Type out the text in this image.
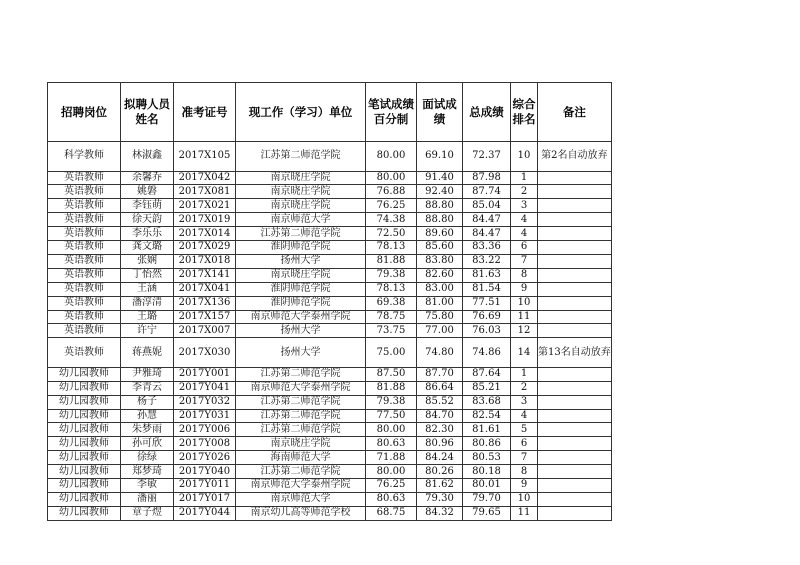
招聘岗位	拟聘人员姓名	准考证号	现工作（学习）单位	笔试成绩百分制	面试成绩	总成绩	综合排名	备注
科学教师	林淑鑫	2017X105	江苏第二师范学院	80.00	69.10	72.37	10	第2名自动放弃
英语教师	余馨乔	2017X042	南京晓庄学院	80.00	91.40	87.98	1	
英语教师	姚磐	2017X081	南京晓庄学院	76.88	92.40	87.74	2	
英语教师	李钰萌	2017X021	南京晓庄学院	76.25	88.80	85.04	3	
英语教师	徐天韵	2017X019	南京师范大学	74.38	88.80	84.47	4	
英语教师	李乐乐	2017X014	江苏第二师范学院	72.50	89.60	84.47	4	
英语教师	龚文璐	2017X029	淮阴师范学院	78.13	85.60	83.36	6	
英语教师	张娴	2017X018	扬州大学	81.88	83.80	83.22	7	
英语教师	丁怡然	2017X141	南京晓庄学院	79.38	82.60	81.63	8	
英语教师	王涵	2017X041	淮阴师范学院	78.13	83.00	81.54	9	
英语教师	潘淳清	2017X136	淮阴师范学院	69.38	81.00	77.51	10	
英语教师	王璐	2017X157	南京师范大学泰州学院	78.75	75.80	76.69	11	
英语教师	许宁	2017X007	扬州大学	73.75	77.00	76.03	12	
英语教师	蒋燕妮	2017X030	扬州大学	75.00	74.80	74.86	14	第13名自动放弃
幼儿园教师	尹雅琦	2017Y001	江苏第二师范学院	87.50	87.70	87.64	1	
幼儿园教师	李青云	2017Y041	南京师范大学泰州学院	81.88	86.64	85.21	2	
幼儿园教师	杨子	2017Y032	江苏第二师范学院	79.38	85.52	83.68	3	
幼儿园教师	孙慧	2017Y031	江苏第二师范学院	77.50	84.70	82.54	4	
幼儿园教师	朱梦雨	2017Y006	江苏第二师范学院	80.00	82.30	81.61	5	
幼儿园教师	孙可欣	2017Y008	南京晓庄学院	80.63	80.96	80.86	6	
幼儿园教师	徐绿	2017Y026	海南师范大学	71.88	84.24	80.53	7	
幼儿园教师	郑梦琦	2017Y040	江苏第二师范学院	80.00	80.26	80.18	8	
幼儿园教师	李敏	2017Y011	南京师范大学泰州学院	76.25	81.62	80.01	9	
幼儿园教师	潘丽	2017Y017	南京师范大学	80.63	79.30	79.70	10	
幼儿园教师	章子煜	2017Y044	南京幼儿高等师范学校	68.75	84.32	79.65	11	
